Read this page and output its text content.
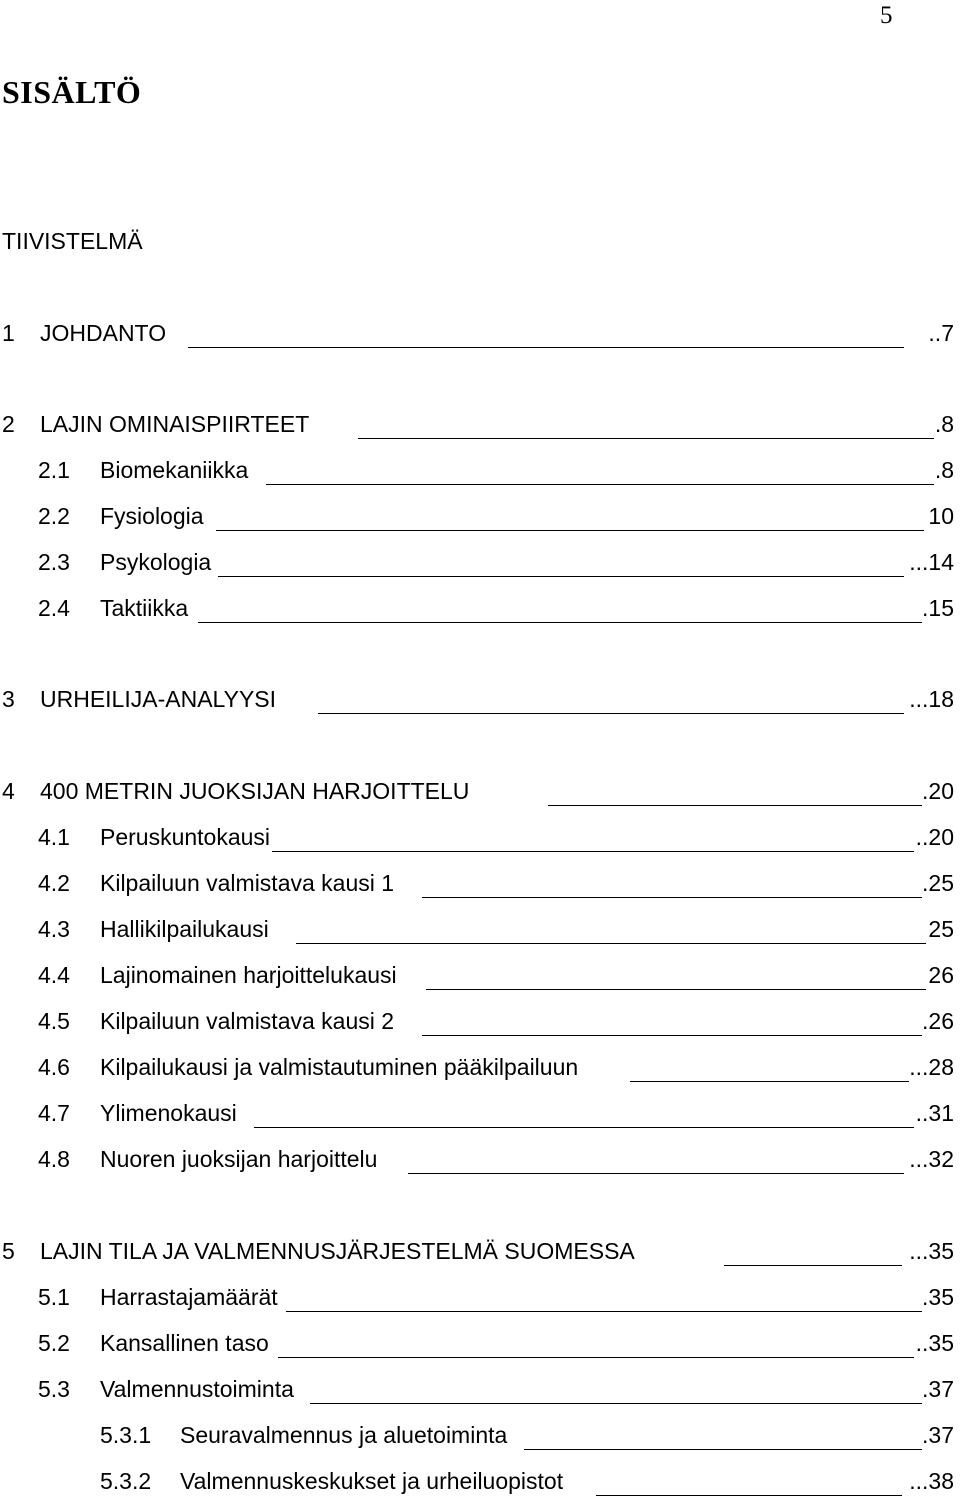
5
SISÄLTÖ
TIIVISTELMÄ
1 JOHDANTO	..7
2 LAJIN OMINAISPIIRTEET	.8
2.1 Biomekaniikka	.8
2.2 Fysiologia	10
2.3 Psykologia	...14
2.4 Taktiikka	.15
3 URHEILIJA-ANALYYSI	...18
4 400 METRIN JUOKSIJAN HARJOITTELU	.20
4.1 Peruskuntokausi	..20
4.2 Kilpailuun valmistava kausi 1	.25
4.3 Hallikilpailukausi	25
4.4 Lajinomainen harjoittelukausi	26
4.5 Kilpailuun valmistava kausi 2	.26
4.6 Kilpailukausi ja valmistautuminen pääkilpailuun	...28
4.7 Ylimenokausi	..31
4.8 Nuoren juoksijan harjoittelu	...32
5 LAJIN TILA JA VALMENNUSJÄRJESTELMÄ SUOMESSA	...35
5.1 Harrastajamäärät	.35
5.2 Kansallinen taso	..35
5.3 Valmennustoiminta	.37
5.3.1 Seuravalmennus ja aluetoiminta	.37
5.3.2 Valmennuskeskukset ja urheiluopistot	...38
